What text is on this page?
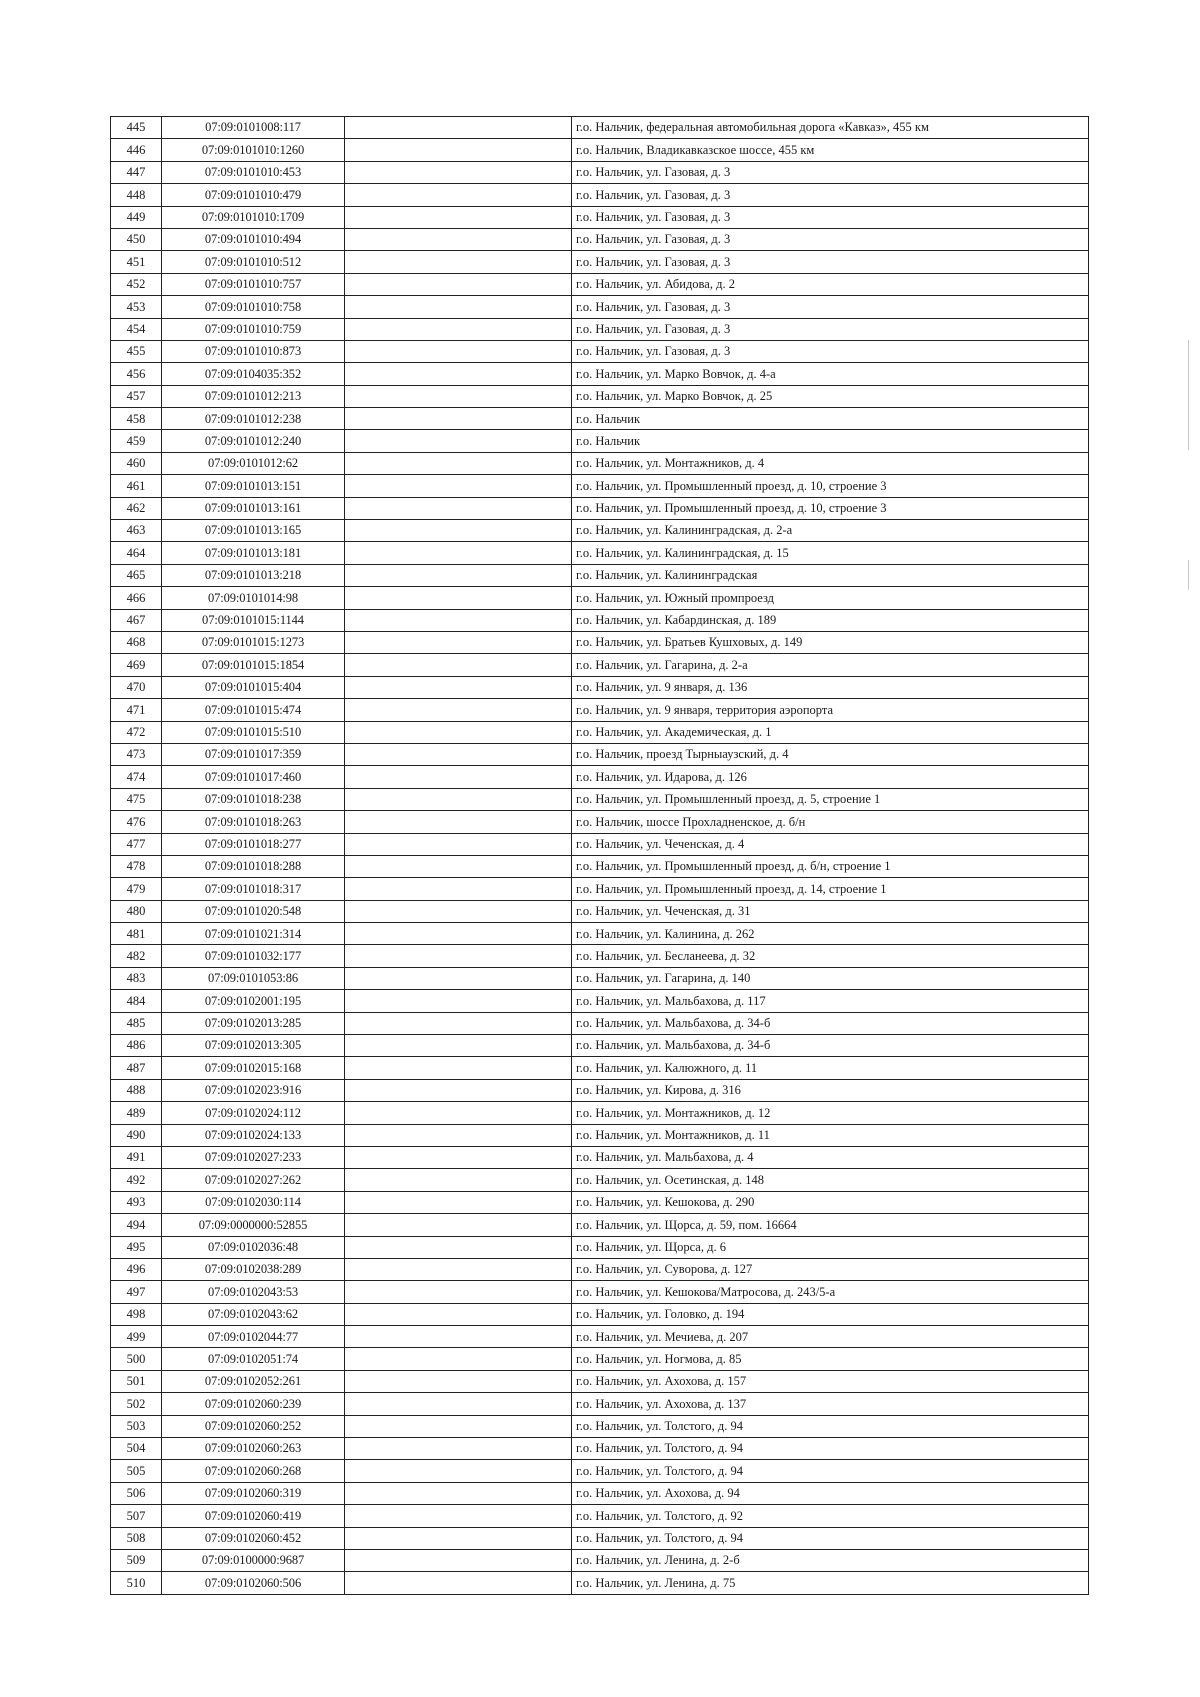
445	07:09:0101008:117		г.о. Нальчик, федеральная автомобильная дорога «Кавказ», 455 км
446	07:09:0101010:1260		г.о. Нальчик, Владикавказское шоссе, 455 км
447	07:09:0101010:453		г.о. Нальчик, ул. Газовая, д. 3
448	07:09:0101010:479		г.о. Нальчик, ул. Газовая, д. 3
449	07:09:0101010:1709		г.о. Нальчик, ул. Газовая, д. 3
450	07:09:0101010:494		г.о. Нальчик, ул. Газовая, д. 3
451	07:09:0101010:512		г.о. Нальчик, ул. Газовая, д. 3
452	07:09:0101010:757		г.о. Нальчик, ул. Абидова, д. 2
453	07:09:0101010:758		г.о. Нальчик, ул. Газовая, д. 3
454	07:09:0101010:759		г.о. Нальчик, ул. Газовая, д. 3
455	07:09:0101010:873		г.о. Нальчик, ул. Газовая, д. 3
456	07:09:0104035:352		г.о. Нальчик, ул. Марко Вовчок, д. 4-а
457	07:09:0101012:213		г.о. Нальчик, ул. Марко Вовчок, д. 25
458	07:09:0101012:238		г.о. Нальчик
459	07:09:0101012:240		г.о. Нальчик
460	07:09:0101012:62		г.о. Нальчик, ул. Монтажников, д. 4
461	07:09:0101013:151		г.о. Нальчик, ул. Промышленный проезд, д. 10, строение 3
462	07:09:0101013:161		г.о. Нальчик, ул. Промышленный проезд, д. 10, строение 3
463	07:09:0101013:165		г.о. Нальчик, ул. Калининградская, д. 2-а
464	07:09:0101013:181		г.о. Нальчик, ул. Калининградская, д. 15
465	07:09:0101013:218		г.о. Нальчик, ул. Калининградская
466	07:09:0101014:98		г.о. Нальчик, ул. Южный промпроезд
467	07:09:0101015:1144		г.о. Нальчик, ул. Кабардинская, д. 189
468	07:09:0101015:1273		г.о. Нальчик, ул. Братьев Кушховых, д. 149
469	07:09:0101015:1854		г.о. Нальчик, ул. Гагарина, д. 2-а
470	07:09:0101015:404		г.о. Нальчик, ул. 9 января, д. 136
471	07:09:0101015:474		г.о. Нальчик, ул. 9 января, территория аэропорта
472	07:09:0101015:510		г.о. Нальчик, ул. Академическая, д. 1
473	07:09:0101017:359		г.о. Нальчик, проезд Тырныаузский, д. 4
474	07:09:0101017:460		г.о. Нальчик, ул. Идарова, д. 126
475	07:09:0101018:238		г.о. Нальчик, ул. Промышленный проезд, д. 5, строение 1
476	07:09:0101018:263		г.о. Нальчик, шоссе Прохладненское, д. б/н
477	07:09:0101018:277		г.о. Нальчик, ул. Чеченская, д. 4
478	07:09:0101018:288		г.о. Нальчик, ул. Промышленный проезд, д. б/н, строение 1
479	07:09:0101018:317		г.о. Нальчик, ул. Промышленный проезд, д. 14, строение 1
480	07:09:0101020:548		г.о. Нальчик, ул. Чеченская, д. 31
481	07:09:0101021:314		г.о. Нальчик, ул. Калинина, д. 262
482	07:09:0101032:177		г.о. Нальчик, ул. Бесланеева, д. 32
483	07:09:0101053:86		г.о. Нальчик, ул. Гагарина, д. 140
484	07:09:0102001:195		г.о. Нальчик, ул. Мальбахова, д. 117
485	07:09:0102013:285		г.о. Нальчик, ул. Мальбахова, д. 34-б
486	07:09:0102013:305		г.о. Нальчик, ул. Мальбахова, д. 34-б
487	07:09:0102015:168		г.о. Нальчик, ул. Калюжного, д. 11
488	07:09:0102023:916		г.о. Нальчик, ул. Кирова, д. 316
489	07:09:0102024:112		г.о. Нальчик, ул. Монтажников, д. 12
490	07:09:0102024:133		г.о. Нальчик, ул. Монтажников, д. 11
491	07:09:0102027:233		г.о. Нальчик, ул. Мальбахова, д. 4
492	07:09:0102027:262		г.о. Нальчик, ул. Осетинская, д. 148
493	07:09:0102030:114		г.о. Нальчик, ул. Кешокова, д. 290
494	07:09:0000000:52855		г.о. Нальчик, ул. Щорса, д. 59, пом. 16664
495	07:09:0102036:48		г.о. Нальчик, ул. Щорса, д. 6
496	07:09:0102038:289		г.о. Нальчик, ул. Суворова, д. 127
497	07:09:0102043:53		г.о. Нальчик, ул. Кешокова/Матросова, д. 243/5-а
498	07:09:0102043:62		г.о. Нальчик, ул. Головко, д. 194
499	07:09:0102044:77		г.о. Нальчик, ул. Мечиева, д. 207
500	07:09:0102051:74		г.о. Нальчик, ул. Ногмова, д. 85
501	07:09:0102052:261		г.о. Нальчик, ул. Ахохова, д. 157
502	07:09:0102060:239		г.о. Нальчик, ул. Ахохова, д. 137
503	07:09:0102060:252		г.о. Нальчик, ул. Толстого, д. 94
504	07:09:0102060:263		г.о. Нальчик, ул. Толстого, д. 94
505	07:09:0102060:268		г.о. Нальчик, ул. Толстого, д. 94
506	07:09:0102060:319		г.о. Нальчик, ул. Ахохова, д. 94
507	07:09:0102060:419		г.о. Нальчик, ул. Толстого, д. 92
508	07:09:0102060:452		г.о. Нальчик, ул. Толстого, д. 94
509	07:09:0100000:9687		г.о. Нальчик, ул. Ленина, д. 2-б
510	07:09:0102060:506		г.о. Нальчик, ул. Ленина, д. 75
